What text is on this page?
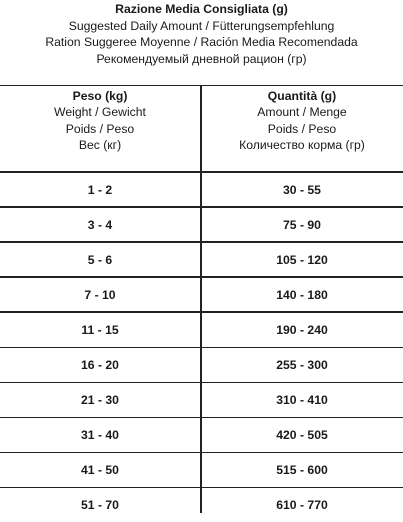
Razione Media Consigliata (g)
Suggested Daily Amount / Fütterungsempfehlung
Ration Suggeree Moyenne / Ración Media Recomendada
Рекомендуемый дневной рацион (гр)
Peso (kg)
Weight / Gewicht
Poids / Peso
Вес (кг)
Quantità (g)
Amount / Menge
Poids / Peso
Количество корма (гр)
1 - 2	30 - 55
3 - 4	75 - 90
5 - 6	105 - 120
7 - 10	140 - 180
11 - 15	190 - 240
16 - 20	255 - 300
21 - 30	310 - 410
31 - 40	420 - 505
41 - 50	515 - 600
51 - 70	610 - 770
